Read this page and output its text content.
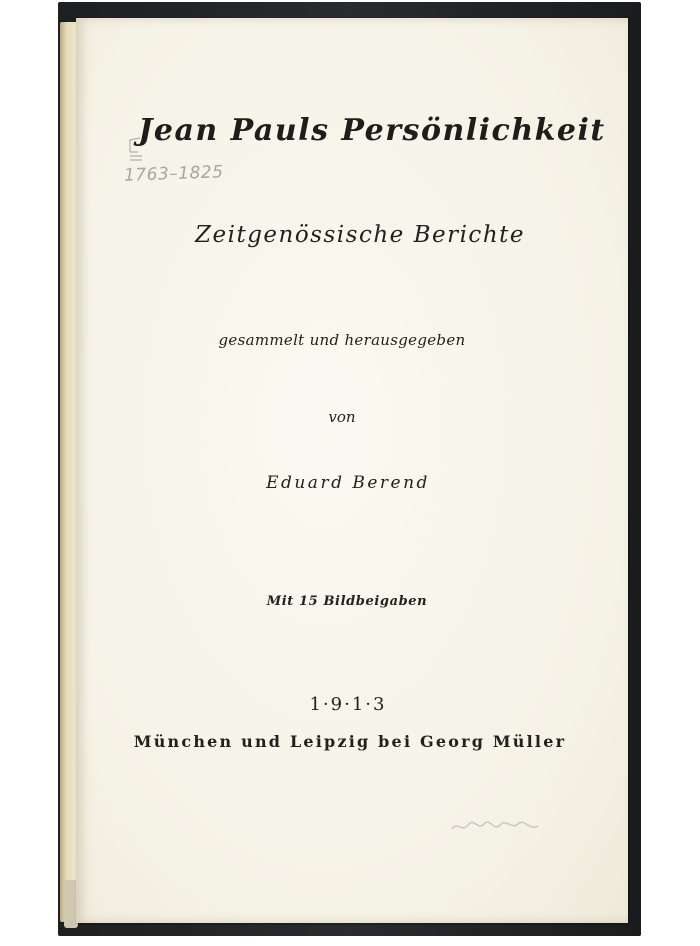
Jean Pauls Persönlichkeit
1763–1825
Zeitgenössische Berichte
gesammelt und herausgegeben
von
Eduard Berend
Mit 15 Bildbeigaben
1·9·1·3
München und Leipzig bei Georg Müller
